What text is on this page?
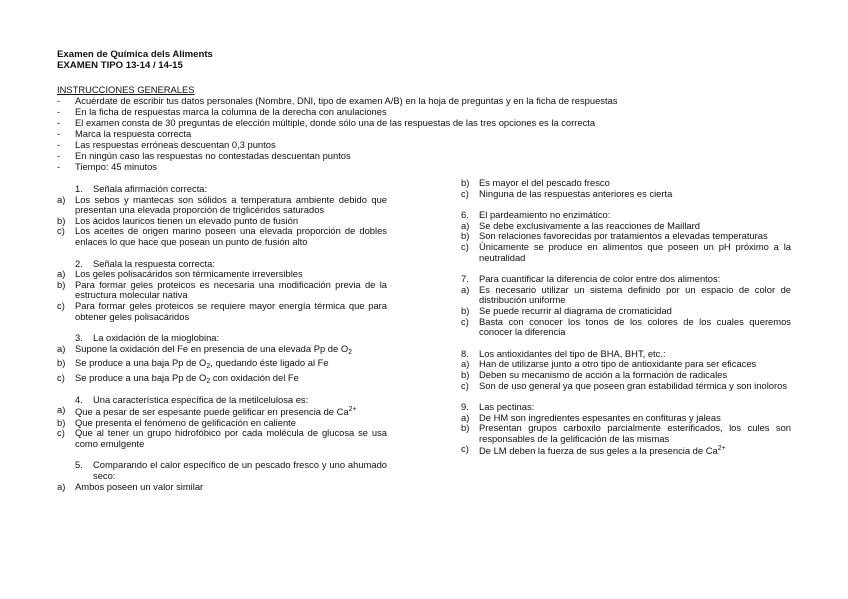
Examen de Química dels Aliments
EXAMEN TIPO 13-14 / 14-15
INSTRUCCIONES GENERALES
- Acuérdate de escribir tus datos personales (Nombre, DNI, tipo de examen A/B) en la hoja de preguntas y en la ficha de respuestas
- En la ficha de respuestas marca la columna de la derecha con anulaciones
- El examen consta de 30 preguntas de elección múltiple, donde sólo una de las respuestas de las tres opciones es la correcta
- Marca la respuesta correcta
- Las respuestas erróneas descuentan 0,3 puntos
- En ningún caso las respuestas no contestadas descuentan puntos
- Tiempo: 45 minutos
1.	Señala afirmación correcta:
a) Los sebos y mantecas son sólidos a temperatura ambiente debido que presentan una elevada proporción de triglicéridos saturados
b) Los ácidos lauricos tienen un elevado punto de fusión
c) Los aceites de origen marino poseen una elevada proporción de dobles enlaces lo que hace que posean un punto de fusión alto
2.	Señala la respuesta correcta:
a) Los geles polisacáridos son térmicamente irreversibles
b) Para formar geles proteicos es necesaria una modificación previa de la estructura molecular nativa
c) Para formar geles proteicos se requiere mayor energía térmica que para obtener geles polisacáridos
3.	La oxidación de la mioglobina:
a) Supone la oxidación del Fe en presencia de una elevada Pp de $O_2$
b) Se produce a una baja Pp de $O_2$, quedando éste ligado al Fe
c) Se produce a una baja Pp de $O_2$ con oxidación del Fe
4.	Una característica específica de la metilcelulosa es:
a) Que a pesar de ser espesante puede gelificar en presencia de $Ca^{2+}$
b) Que presenta el fenómeno de gelificación en caliente
c) Que al tener un grupo hidrofóbico por cada molécula de glucosa se usa como emulgente
5.	Comparando el calor específico de un pescado fresco y uno ahumado seco:
a) Ambos poseen un valor similar
b) Es mayor el del pescado fresco
c) Ninguna de las respuestas anteriores es cierta
6. El pardeamiento no enzimático:
a) Se debe exclusivamente a las reacciones de Maillard
b) Son relaciones favorecidas por tratamientos a elevadas temperaturas
c) Únicamente se produce en alimentos que poseen un pH próximo a la neutralidad
7. Para cuantificar la diferencia de color entre dos alimentos:
a) Es necesario utilizar un sistema definido por un espacio de color de distribución uniforme
b) Se puede recurrir al diagrama de cromaticidad
c) Basta con conocer los tonos de los colores de los cuales queremos conocer la diferencia
8. Los antioxidantes del tipo de BHA, BHT, etc.:
a) Han de utilizarse junto a otro tipo de antioxidante para ser eficaces
b) Deben su mecanismo de acción a la formación de radicales
c) Son de uso general ya que poseen gran estabilidad térmica y son inoloros
9. Las pectinas:
a) De HM son ingredientes espesantes en confituras y jaleas
b) Presentan grupos carboxilo parcialmente esterificados, los cules son responsables de la gelificación de las mismas
c) De LM deben la fuerza de sus geles a la presencia de $Ca^{2+}$
